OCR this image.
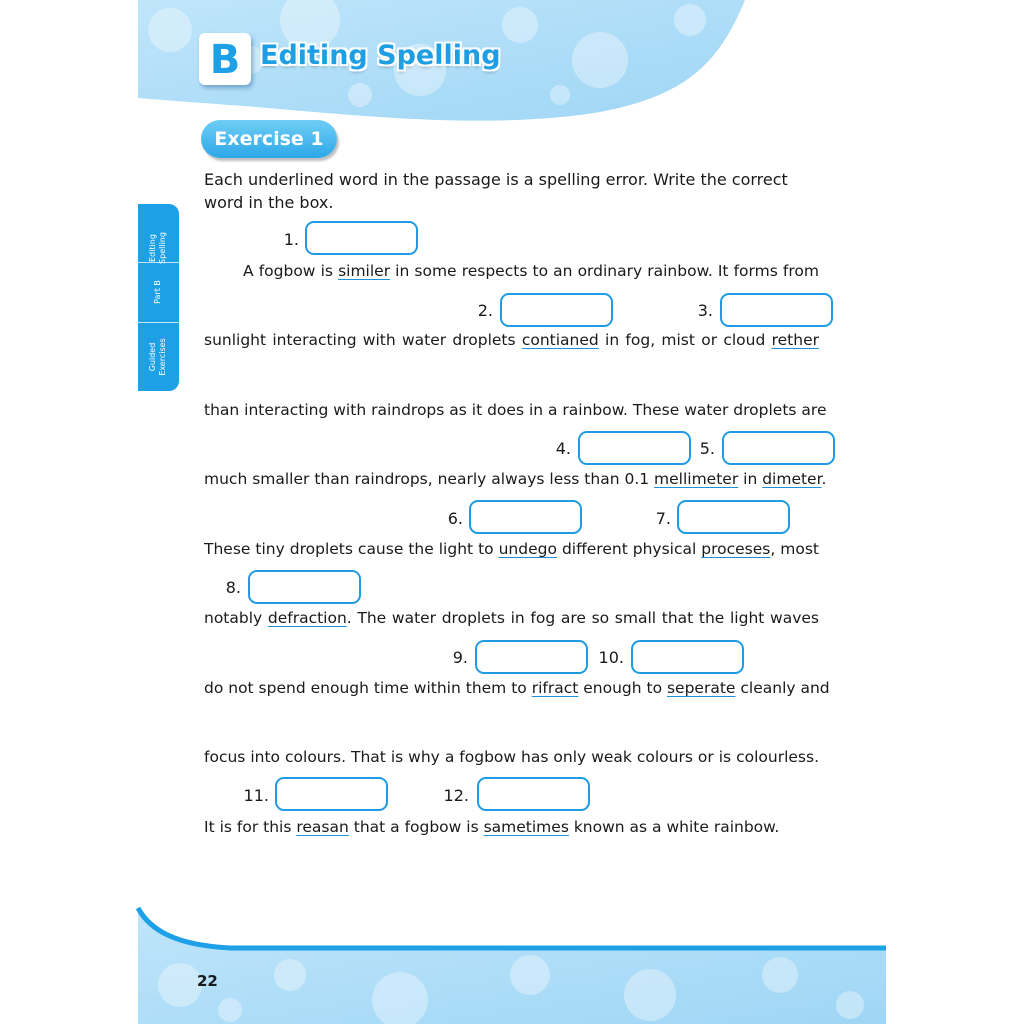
B Editing Spelling
Exercise 1
Editing
Spelling
Part B
Guided
Exercises
Each underlined word in the passage is a spelling error. Write the correct word in the box.
1.
2.	3.
4.	5.
6.	7.
8.
9.	10.
11.	12.
A fogbow is similer in some respects to an ordinary rainbow. It forms from
sunlight interacting with water droplets contianed in fog, mist or cloud rether
than interacting with raindrops as it does in a rainbow. These water droplets are
much smaller than raindrops, nearly always less than 0.1 mellimeter in dimeter.
These tiny droplets cause the light to undego different physical proceses, most
notably defraction. The water droplets in fog are so small that the light waves
do not spend enough time within them to rifract enough to seperate cleanly and
focus into colours. That is why a fogbow has only weak colours or is colourless.
It is for this reasan that a fogbow is sametimes known as a white rainbow.
22
